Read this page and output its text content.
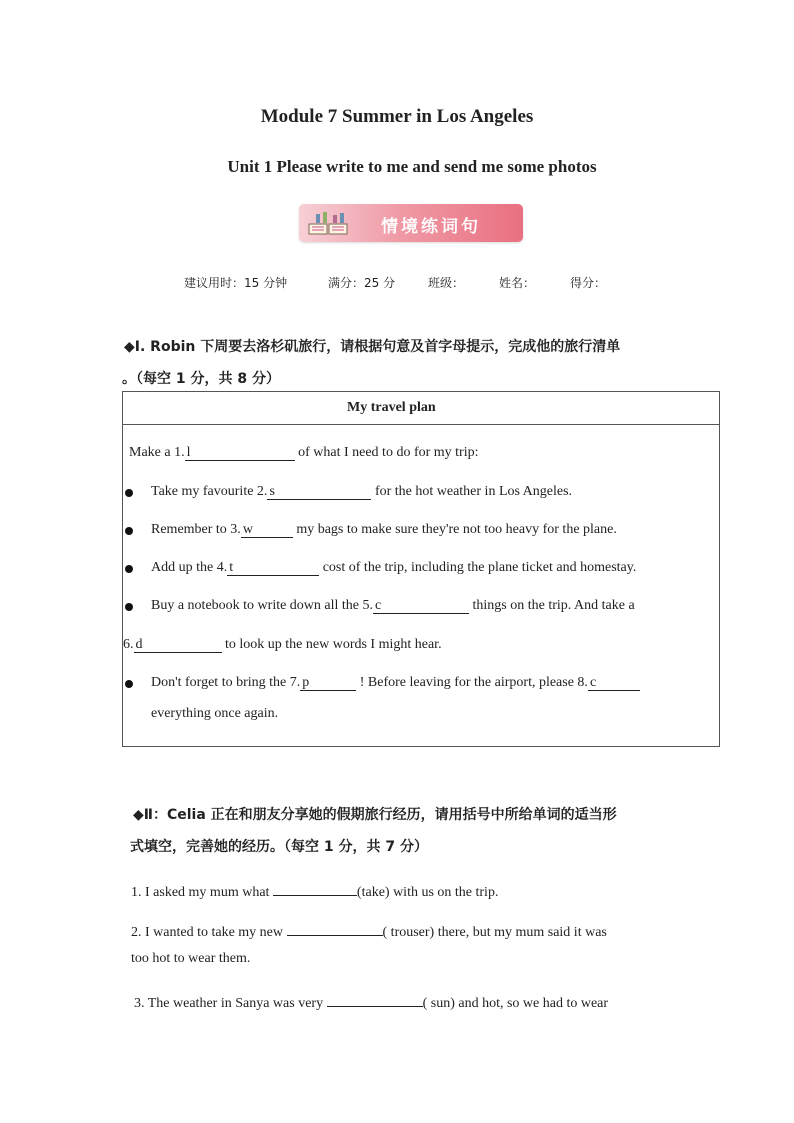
Module 7 Summer in Los Angeles
Unit 1 Please write to me and send me some photos
情境练词句
建议用时：15 分钟	满分：25 分	班级：	姓名：	得分：
◆I. Robin 下周要去洛杉矶旅行，请根据句意及首字母提示，完成他的旅行清单
。（每空 1 分，共 8 分）
My travel plan
Make a 1. l	of what I need to do for my trip:
Take my favourite 2. s	for the hot weather in Los Angeles.
Remember to 3. w	my bags to make sure they're not too heavy for the plane.
Add up the 4. t	cost of the trip, including the plane ticket and homestay.
Buy a notebook to write down all the 5. c	things on the trip. And take a
6. d	to look up the new words I might hear.
Don't forget to bring the 7. p	! Before leaving for the airport, please 8. c
everything once again.
◆Ⅱ：Celia 正在和朋友分享她的假期旅行经历，请用括号中所给单词的适当形
式填空，完善她的经历。（每空 1 分，共 7 分）
1. I asked my mum what	(take) with us on the trip.
2. I wanted to take my new	( trouser) there, but my mum said it was
too hot to wear them.
3. The weather in Sanya was very	( sun) and hot, so we had to wear
